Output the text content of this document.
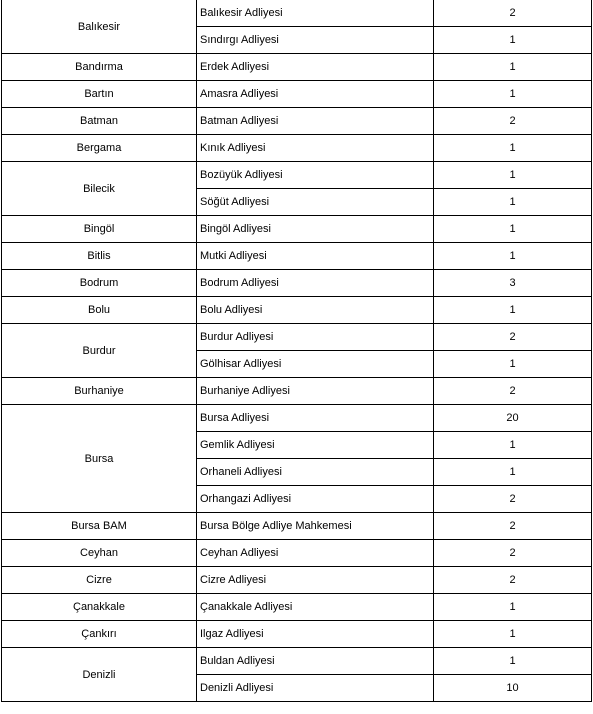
Balıkesir	Balıkesir Adliyesi	2
	Sındırgı Adliyesi	1
Bandırma	Erdek Adliyesi	1
Bartın	Amasra Adliyesi	1
Batman	Batman Adliyesi	2
Bergama	Kınık Adliyesi	1
Bilecik	Bozüyük Adliyesi	1
	Söğüt Adliyesi	1
Bingöl	Bingöl Adliyesi	1
Bitlis	Mutki Adliyesi	1
Bodrum	Bodrum Adliyesi	3
Bolu	Bolu Adliyesi	1
Burdur	Burdur Adliyesi	2
	Gölhisar Adliyesi	1
Burhaniye	Burhaniye Adliyesi	2
Bursa	Bursa Adliyesi	20
	Gemlik Adliyesi	1
	Orhaneli Adliyesi	1
	Orhangazi Adliyesi	2
Bursa BAM	Bursa Bölge Adliye Mahkemesi	2
Ceyhan	Ceyhan Adliyesi	2
Cizre	Cizre Adliyesi	2
Çanakkale	Çanakkale Adliyesi	1
Çankırı	Ilgaz Adliyesi	1
Denizli	Buldan Adliyesi	1
	Denizli Adliyesi	10
